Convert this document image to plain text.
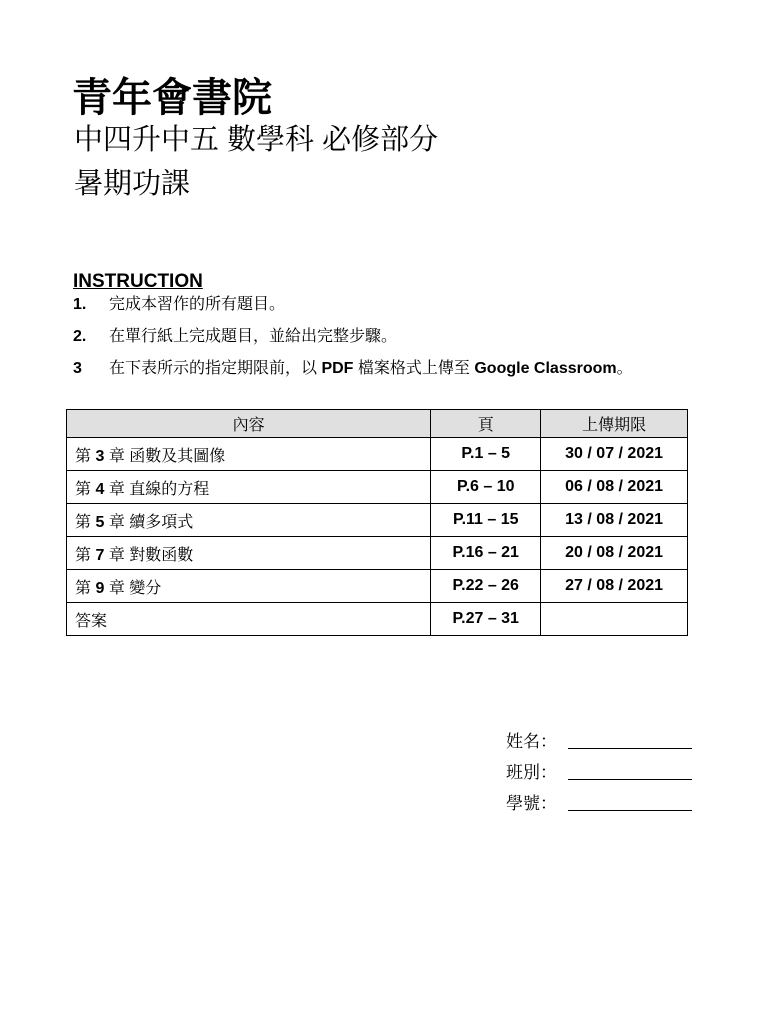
青年會書院
中四升中五 數學科 必修部分
暑期功課
INSTRUCTION
1. 完成本習作的所有題目。
2. 在單行紙上完成題目，並給出完整步驟。
3 在下表所示的指定期限前，以 PDF 檔案格式上傳至 Google Classroom。
內容	頁	上傳期限
第 3 章 函數及其圖像	P.1 – 5	30 / 07 / 2021
第 4 章 直線的方程	P.6 – 10	06 / 08 / 2021
第 5 章 續多項式	P.11 – 15	13 / 08 / 2021
第 7 章 對數函數	P.16 – 21	20 / 08 / 2021
第 9 章 變分	P.22 – 26	27 / 08 / 2021
答案	P.27 – 31	
姓名：
班別：
學號：
